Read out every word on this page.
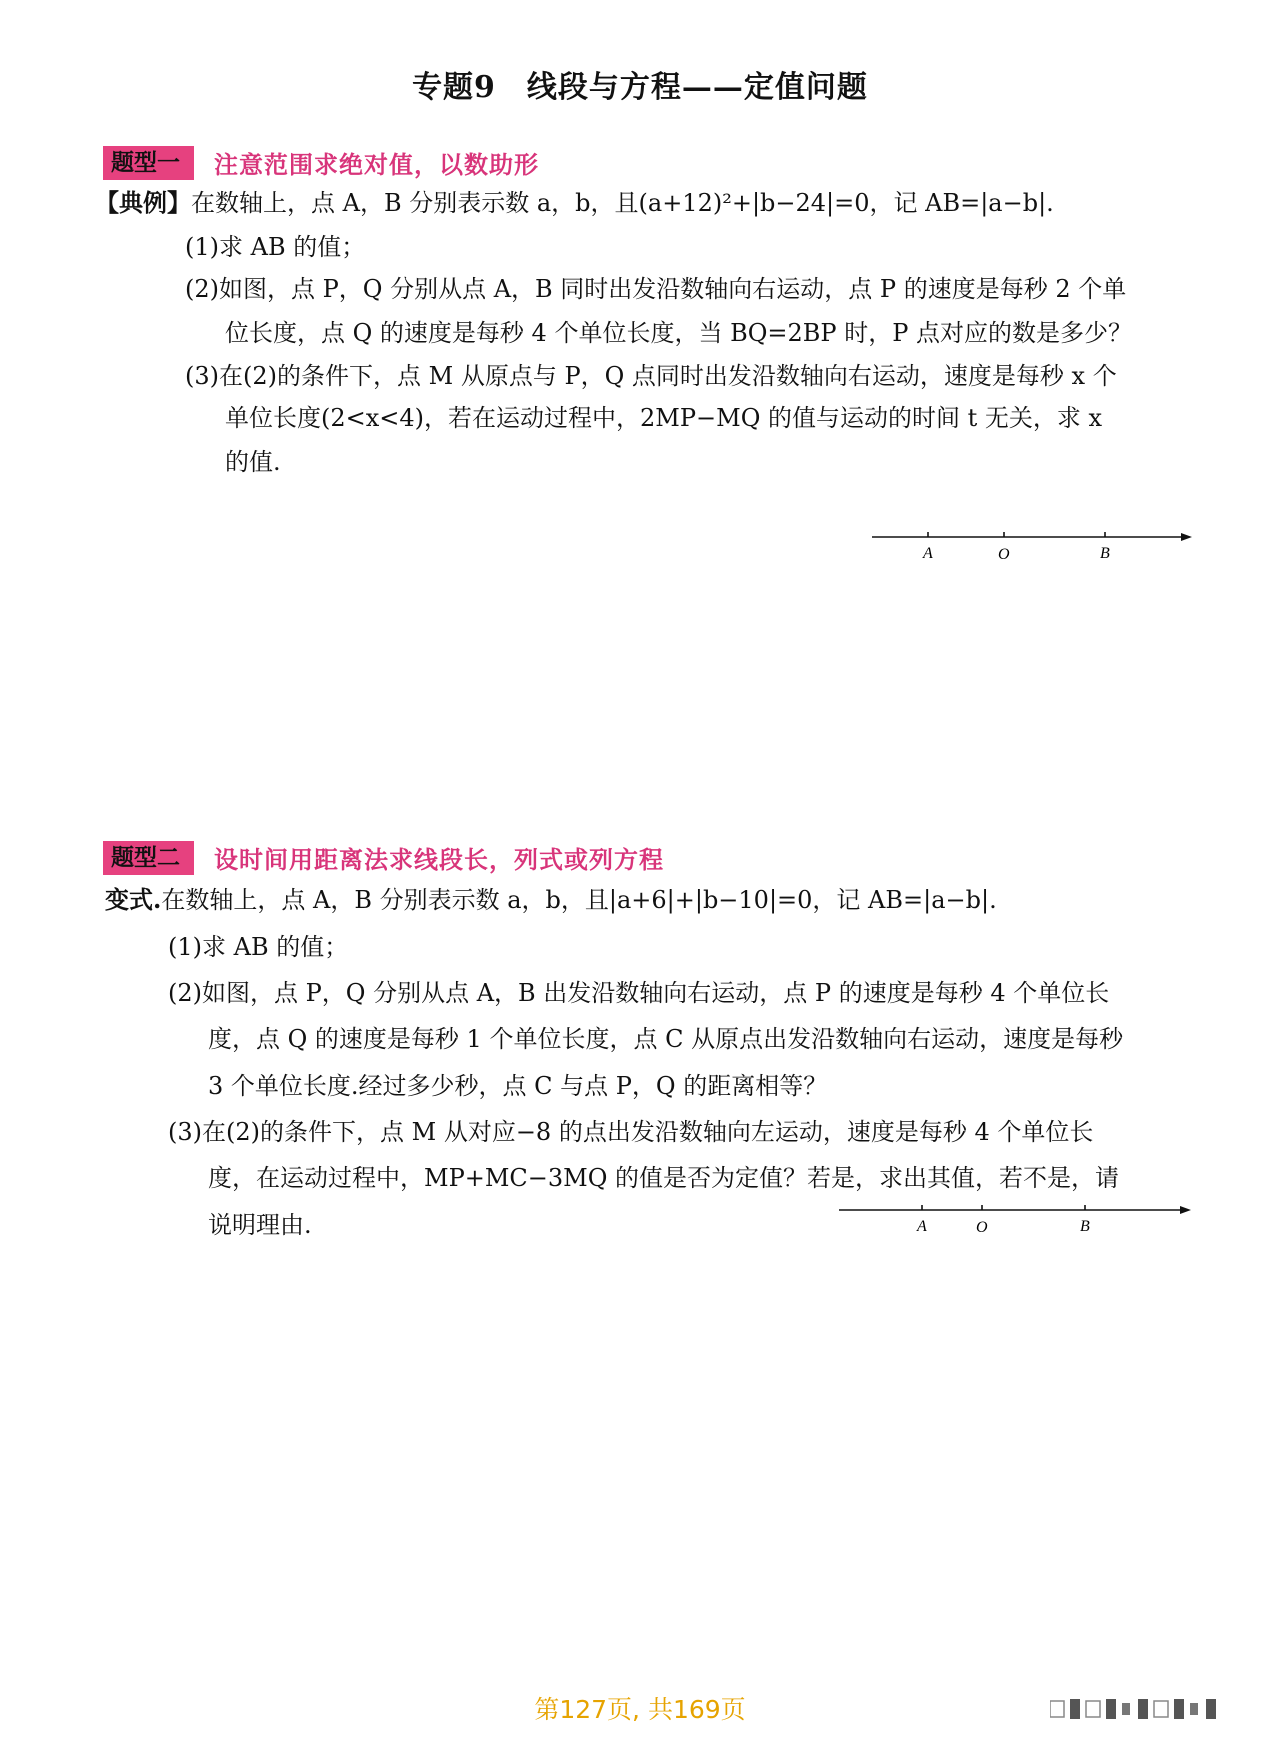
专题9　线段与方程——定值问题
题型一	注意范围求绝对值，以数助形
【典例】在数轴上，点 A，B 分别表示数 a，b，且(a+12)²+|b−24|=0，记 AB=|a−b|.
(1)求 AB 的值；
(2)如图，点 P，Q 分别从点 A，B 同时出发沿数轴向右运动，点 P 的速度是每秒 2 个单
位长度，点 Q 的速度是每秒 4 个单位长度，当 BQ=2BP 时，P 点对应的数是多少？
(3)在(2)的条件下，点 M 从原点与 P，Q 点同时出发沿数轴向右运动，速度是每秒 x 个
单位长度(2<x<4)，若在运动过程中，2MP−MQ 的值与运动的时间 t 无关，求 x
的值.
A	O	B
题型二	设时间用距离法求线段长，列式或列方程
变式.在数轴上，点 A，B 分别表示数 a，b，且|a+6|+|b−10|=0，记 AB=|a−b|.
(1)求 AB 的值；
(2)如图，点 P，Q 分别从点 A，B 出发沿数轴向右运动，点 P 的速度是每秒 4 个单位长
度，点 Q 的速度是每秒 1 个单位长度，点 C 从原点出发沿数轴向右运动，速度是每秒
3 个单位长度.经过多少秒，点 C 与点 P，Q 的距离相等？
(3)在(2)的条件下，点 M 从对应−8 的点出发沿数轴向左运动，速度是每秒 4 个单位长
度，在运动过程中，MP+MC−3MQ 的值是否为定值？若是，求出其值，若不是，请
说明理由.	A	O	B
第127页, 共169页
